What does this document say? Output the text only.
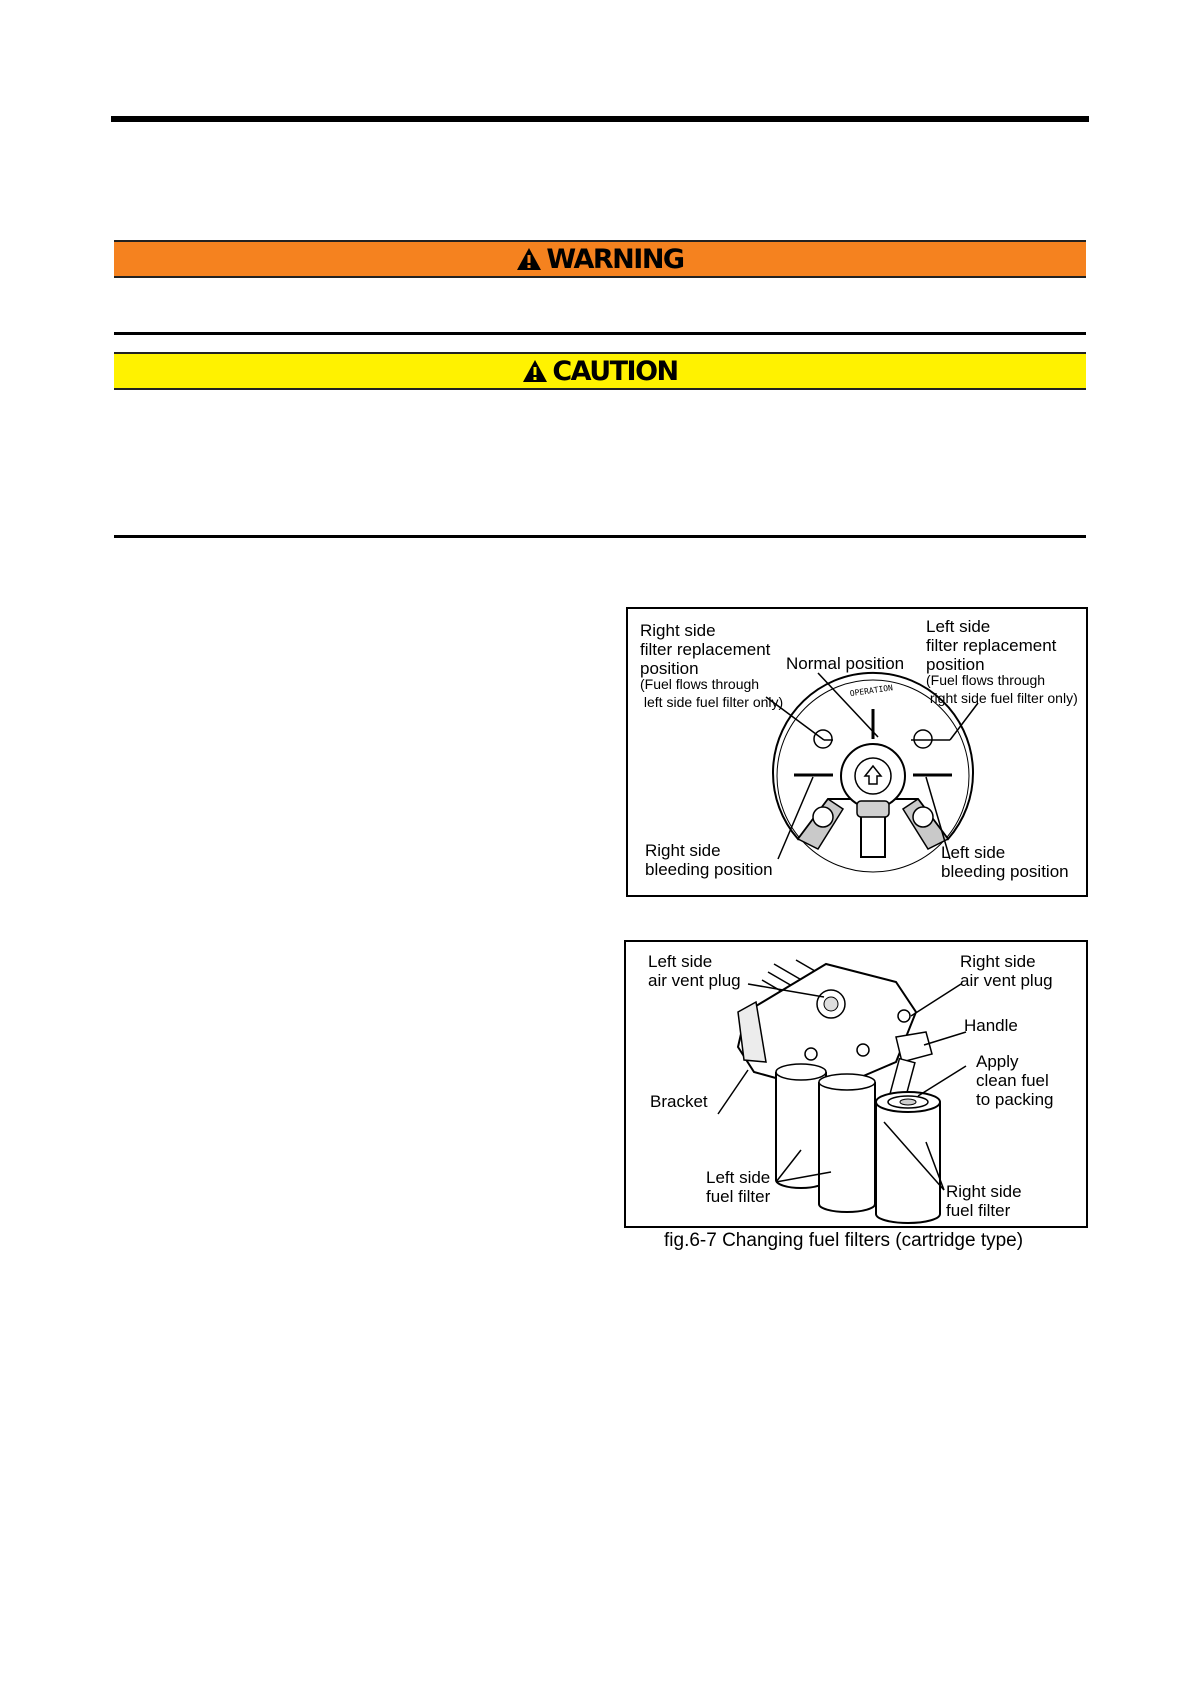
WARNING
CAUTION
OPERATION
Right side
filter replacement
position
(Fuel flows through
left side fuel filter only)
Normal position
Left side
filter replacement
position
(Fuel flows through
right side fuel filter only)
Right side
bleeding position
Left side
bleeding position
Left side
air vent plug
Right side
air vent plug
Handle
Apply
clean fuel
to packing
Bracket
Left side
fuel filter	Right side
fuel filter
fig.6-7 Changing fuel filters (cartridge type)
